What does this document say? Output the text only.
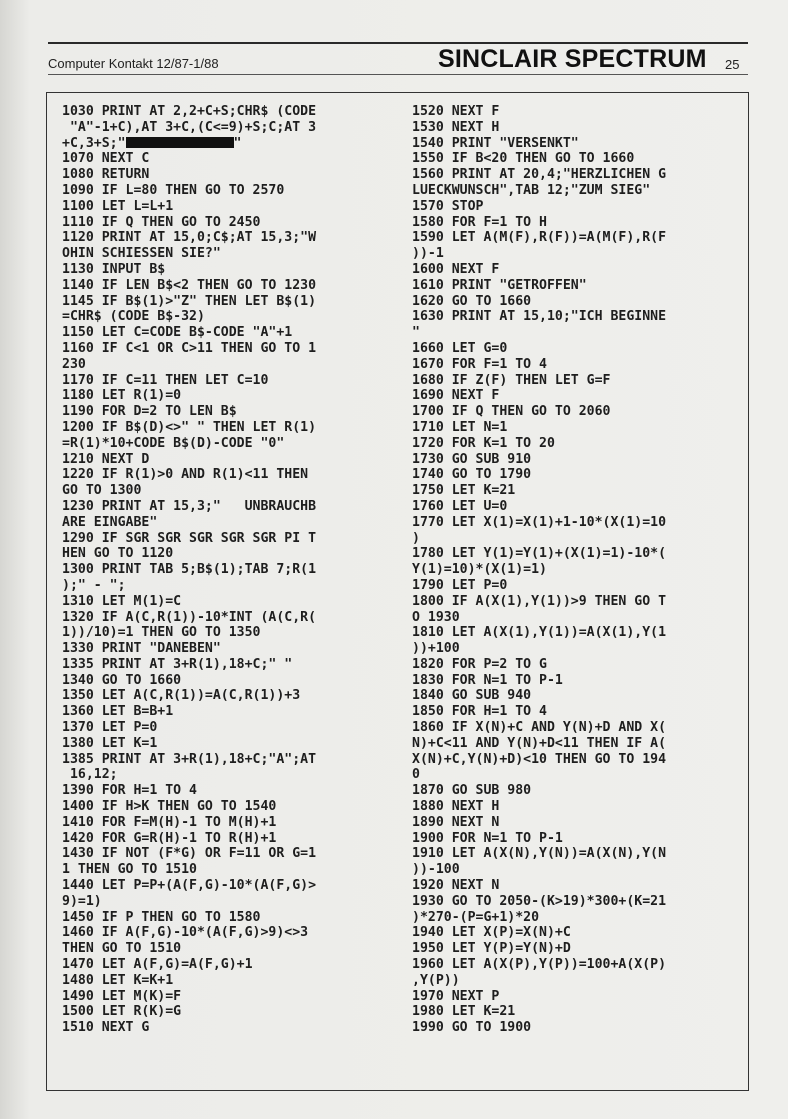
Computer Kontakt 12/87-1/88	SINCLAIR SPECTRUM 25
1030 PRINT AT 2,2+C+S;CHR$ (CODE
"A"-1+C),AT 3+C,(C<=9)+S;C;AT 3
+C,3+S;"	"
1070 NEXT C
1080 RETURN
1090 IF L=80 THEN GO TO 2570
1100 LET L=L+1
1110 IF Q THEN GO TO 2450
1120 PRINT AT 15,0;C$;AT 15,3;"W
OHIN SCHIESSEN SIE?"
1130 INPUT B$
1140 IF LEN B$<2 THEN GO TO 1230
1145 IF B$(1)>"Z" THEN LET B$(1)
=CHR$ (CODE B$-32)
1150 LET C=CODE B$-CODE "A"+1
1160 IF C<1 OR C>11 THEN GO TO 1
230
1170 IF C=11 THEN LET C=10
1180 LET R(1)=0
1190 FOR D=2 TO LEN B$
1200 IF B$(D)<>" " THEN LET R(1)
=R(1)*10+CODE B$(D)-CODE "0"
1210 NEXT D
1220 IF R(1)>0 AND R(1)<11 THEN
GO TO 1300
1230 PRINT AT 15,3;"   UNBRAUCHB
ARE EINGABE"
1290 IF SGR SGR SGR SGR SGR PI T
HEN GO TO 1120
1300 PRINT TAB 5;B$(1);TAB 7;R(1
);" - ";
1310 LET M(1)=C
1320 IF A(C,R(1))-10*INT (A(C,R(
1))/10)=1 THEN GO TO 1350
1330 PRINT "DANEBEN"
1335 PRINT AT 3+R(1),18+C;" "
1340 GO TO 1660
1350 LET A(C,R(1))=A(C,R(1))+3
1360 LET B=B+1
1370 LET P=0
1380 LET K=1
1385 PRINT AT 3+R(1),18+C;"A";AT
16,12;
1390 FOR H=1 TO 4
1400 IF H>K THEN GO TO 1540
1410 FOR F=M(H)-1 TO M(H)+1
1420 FOR G=R(H)-1 TO R(H)+1
1430 IF NOT (F*G) OR F=11 OR G=1
1 THEN GO TO 1510
1440 LET P=P+(A(F,G)-10*(A(F,G)>
9)=1)
1450 IF P THEN GO TO 1580
1460 IF A(F,G)-10*(A(F,G)>9)<>3
THEN GO TO 1510
1470 LET A(F,G)=A(F,G)+1
1480 LET K=K+1
1490 LET M(K)=F
1500 LET R(K)=G
1510 NEXT G
1520 NEXT F
1530 NEXT H
1540 PRINT "VERSENKT"
1550 IF B<20 THEN GO TO 1660
1560 PRINT AT 20,4;"HERZLICHEN G
LUECKWUNSCH",TAB 12;"ZUM SIEG"
1570 STOP
1580 FOR F=1 TO H
1590 LET A(M(F),R(F))=A(M(F),R(F
))-1
1600 NEXT F
1610 PRINT "GETROFFEN"
1620 GO TO 1660
1630 PRINT AT 15,10;"ICH BEGINNE
"
1660 LET G=0
1670 FOR F=1 TO 4
1680 IF Z(F) THEN LET G=F
1690 NEXT F
1700 IF Q THEN GO TO 2060
1710 LET N=1
1720 FOR K=1 TO 20
1730 GO SUB 910
1740 GO TO 1790
1750 LET K=21
1760 LET U=0
1770 LET X(1)=X(1)+1-10*(X(1)=10
)
1780 LET Y(1)=Y(1)+(X(1)=1)-10*(
Y(1)=10)*(X(1)=1)
1790 LET P=0
1800 IF A(X(1),Y(1))>9 THEN GO T
O 1930
1810 LET A(X(1),Y(1))=A(X(1),Y(1
))+100
1820 FOR P=2 TO G
1830 FOR N=1 TO P-1
1840 GO SUB 940
1850 FOR H=1 TO 4
1860 IF X(N)+C AND Y(N)+D AND X(
N)+C<11 AND Y(N)+D<11 THEN IF A(
X(N)+C,Y(N)+D)<10 THEN GO TO 194
0
1870 GO SUB 980
1880 NEXT H
1890 NEXT N
1900 FOR N=1 TO P-1
1910 LET A(X(N),Y(N))=A(X(N),Y(N
))-100
1920 NEXT N
1930 GO TO 2050-(K>19)*300+(K=21
)*270-(P=G+1)*20
1940 LET X(P)=X(N)+C
1950 LET Y(P)=Y(N)+D
1960 LET A(X(P),Y(P))=100+A(X(P)
,Y(P))
1970 NEXT P
1980 LET K=21
1990 GO TO 1900
